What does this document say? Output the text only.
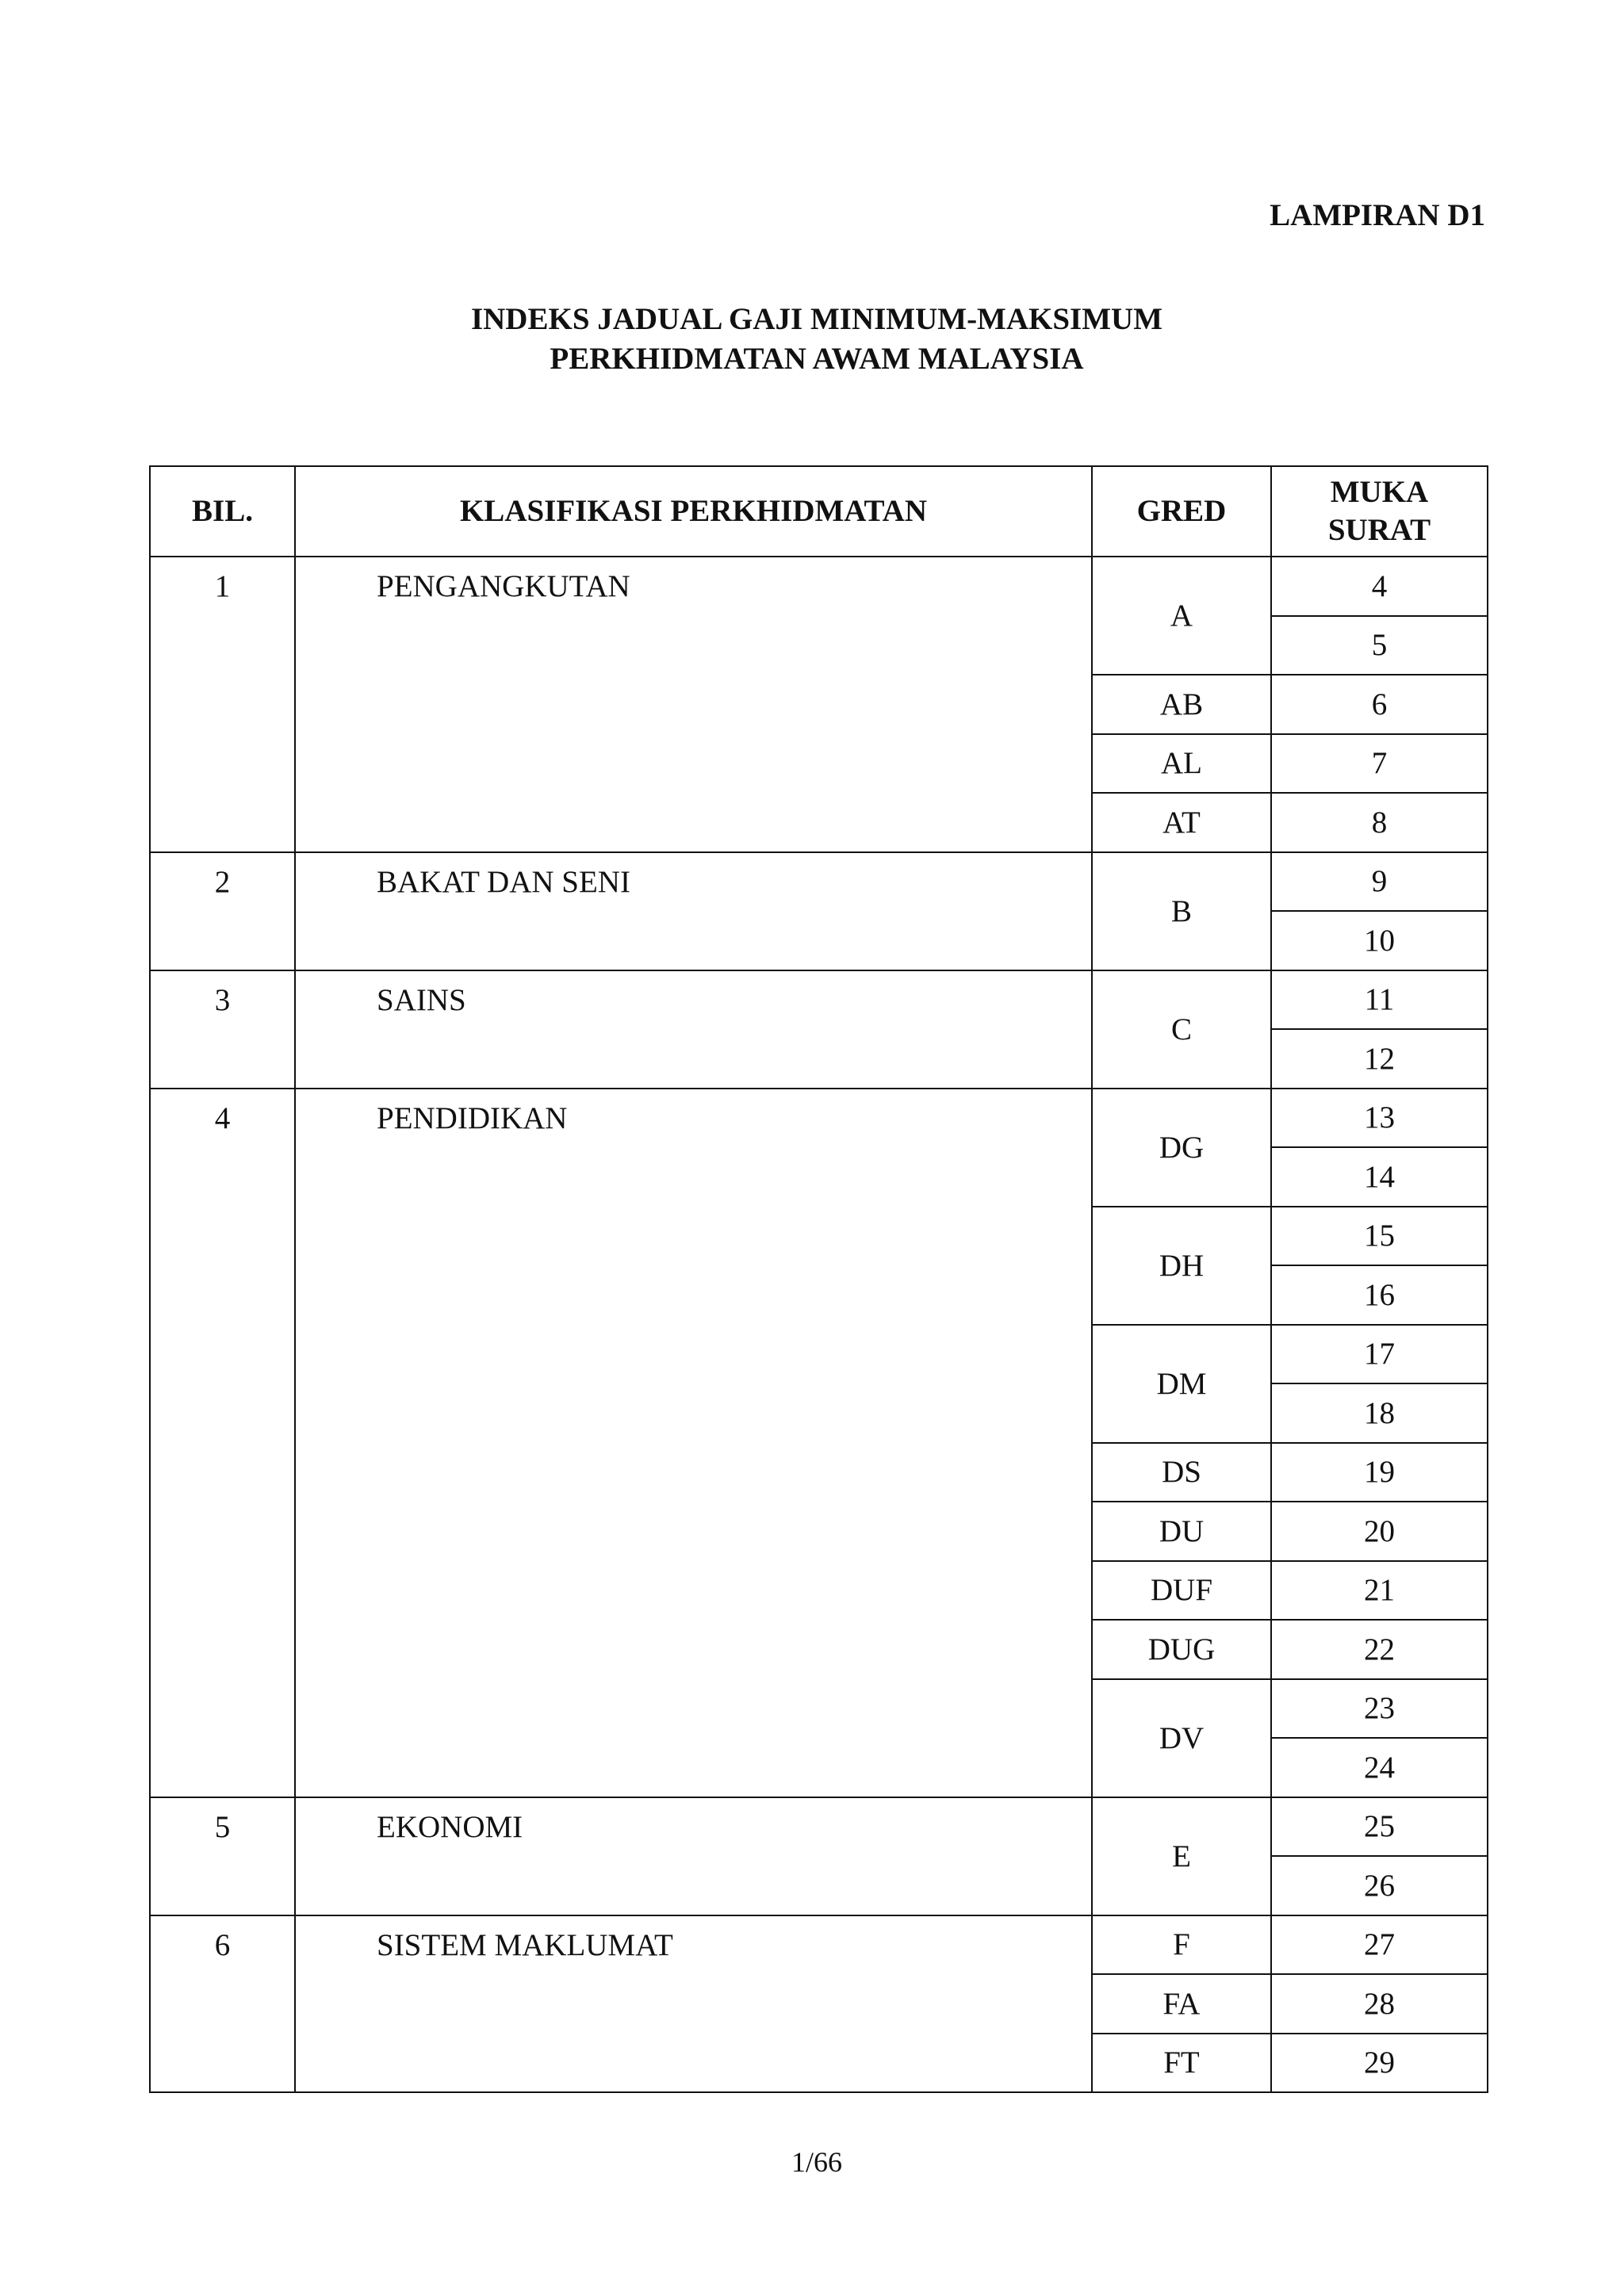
LAMPIRAN D1
INDEKS JADUAL GAJI MINIMUM-MAKSIMUM
PERKHIDMATAN AWAM MALAYSIA
BIL.	KLASIFIKASI PERKHIDMATAN	GRED	MUKA
SURAT

1	PENGANGKUTAN	A	4
			5
		AB	6
		AL	7
		AT	8
2	BAKAT DAN SENI	B	9
			10
3	SAINS	C	11
			12
4	PENDIDIKAN	DG	13
			14
		DH	15
			16
		DM	17
			18
		DS	19
		DU	20
		DUF	21
		DUG	22
		DV	23
			24
5	EKONOMI	E	25
			26
6	SISTEM MAKLUMAT	F	27
		FA	28
		FT	29
1/66
